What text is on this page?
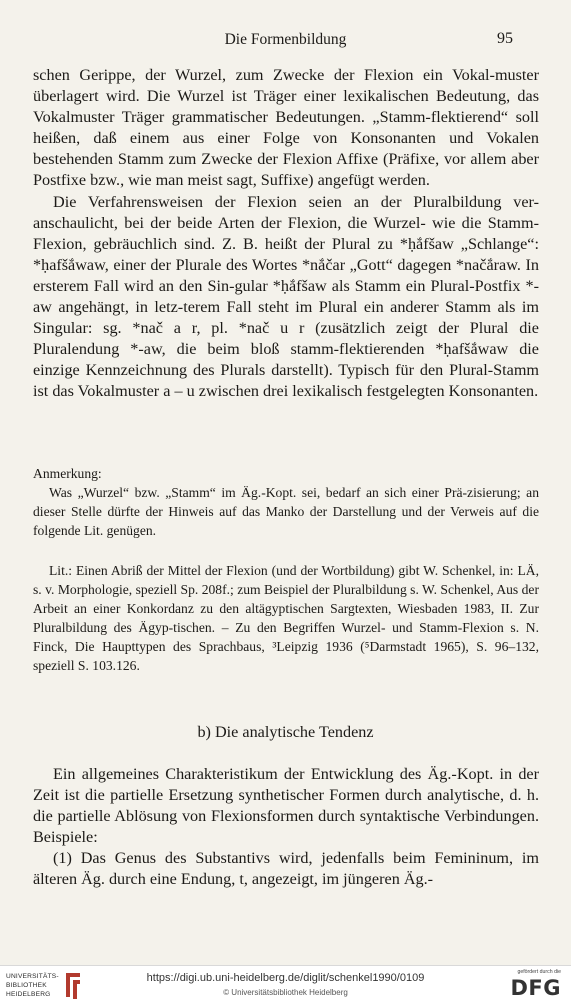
Die Formenbildung	95

schen Gerippe, der Wurzel, zum Zwecke der Flexion ein Vokal-muster überlagert wird. Die Wurzel ist Träger einer lexikalischen Bedeutung, das Vokalmuster Träger grammatischer Bedeutungen. „Stamm-flektierend“ soll heißen, daß einem aus einer Folge von Konsonanten und Vokalen bestehenden Stamm zum Zwecke der Flexion Affixe (Präfixe, vor allem aber Postfixe bzw., wie man meist sagt, Suffixe) angefügt werden.

Die Verfahrensweisen der Flexion seien an der Pluralbildung ver-anschaulicht, bei der beide Arten der Flexion, die Wurzel- wie die Stamm-Flexion, gebräuchlich sind. Z. B. heißt der Plural zu *ḥắfšaw „Schlange“: *ḥafšắwaw, einer der Plurale des Wortes *nắčar „Gott“ dagegen *načắraw. In ersterem Fall wird an den Sin-gular *ḥắfšaw als Stamm ein Plural-Postfix *-aw angehängt, in letz-terem Fall steht im Plural ein anderer Stamm als im Singular: sg. *nač a r, pl. *nač u r (zusätzlich zeigt der Plural die Pluralendung *-aw, die beim bloß stamm-flektierenden *ḥafšắwaw die einzige Kennzeichnung des Plurals darstellt). Typisch für den Plural-Stamm ist das Vokalmuster a – u zwischen drei lexikalisch festgelegten Konsonanten.

Anmerkung:

Was „Wurzel“ bzw. „Stamm“ im Äg.-Kopt. sei, bedarf an sich einer Prä-zisierung; an dieser Stelle dürfte der Hinweis auf das Manko der Darstellung und der Verweis auf die folgende Lit. genügen.

Lit.: Einen Abriß der Mittel der Flexion (und der Wortbildung) gibt W. Schenkel, in: LÄ, s. v. Morphologie, speziell Sp. 208f.; zum Beispiel der Pluralbildung s. W. Schenkel, Aus der Arbeit an einer Konkordanz zu den altägyptischen Sargtexten, Wiesbaden 1983, II. Zur Pluralbildung des Ägyp-tischen. – Zu den Begriffen Wurzel- und Stamm-Flexion s. N. Finck, Die Haupttypen des Sprachbaus, ³Leipzig 1936 (⁵Darmstadt 1965), S. 96–132, speziell S. 103.126.

b) Die analytische Tendenz

Ein allgemeines Charakteristikum der Entwicklung des Äg.-Kopt. in der Zeit ist die partielle Ersetzung synthetischer Formen durch analytische, d. h. die partielle Ablösung von Flexionsformen durch syntaktische Verbindungen. Beispiele:

(1) Das Genus des Substantivs wird, jedenfalls beim Femininum, im älteren Äg. durch eine Endung, t, angezeigt, im jüngeren Äg.-

UNIVERSITÄTS-
BIBLIOTHEK
HEIDELBERG
https://digi.ub.uni-heidelberg.de/diglit/schenkel1990/0109
© Universitätsbibliothek Heidelberg
gefördert durch die
DFG
